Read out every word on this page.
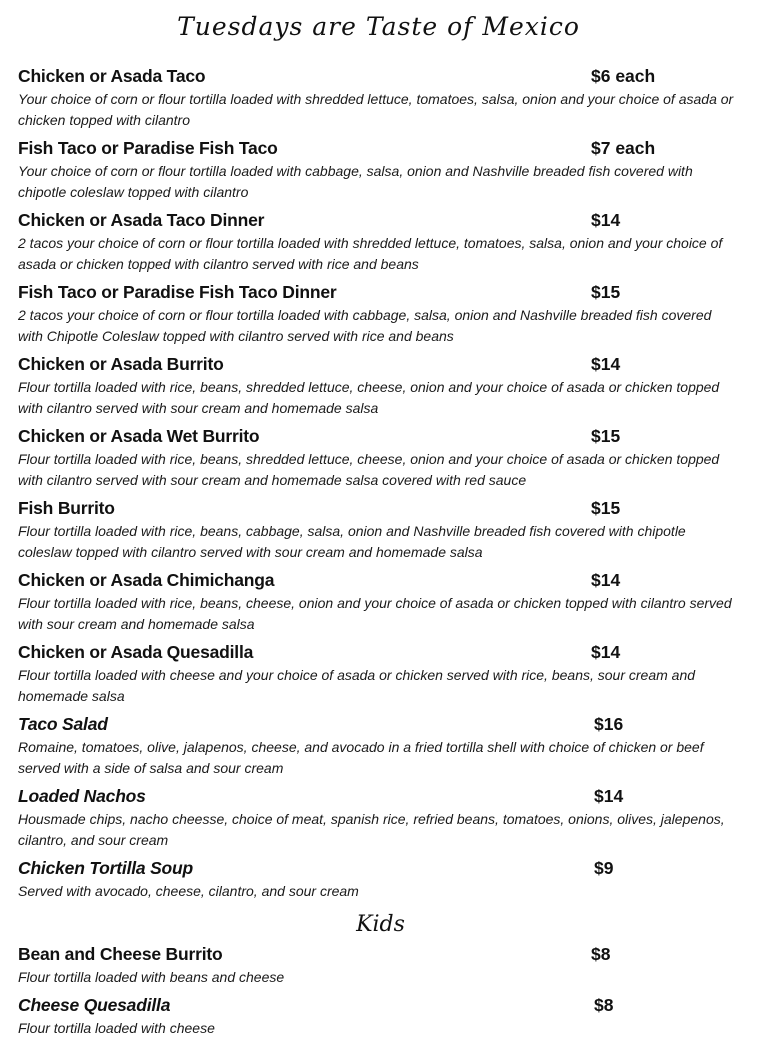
Tuesdays are Taste of Mexico
Chicken or Asada Taco	$6 each
Your choice of corn or flour tortilla loaded with shredded lettuce, tomatoes, salsa, onion and your choice of asada or chicken topped with cilantro
Fish Taco or Paradise Fish Taco	$7 each
Your choice of corn or flour tortilla loaded with cabbage, salsa, onion and Nashville breaded fish covered with chipotle coleslaw topped with cilantro
Chicken or Asada Taco Dinner	$14
2 tacos your choice of corn or flour tortilla loaded with shredded lettuce, tomatoes, salsa, onion and your choice of asada or chicken topped with cilantro served with rice and beans
Fish Taco or Paradise Fish Taco Dinner	$15
2 tacos your choice of corn or flour tortilla loaded with cabbage, salsa, onion and Nashville breaded fish covered with Chipotle Coleslaw topped with cilantro served with rice and beans
Chicken or Asada Burrito	$14
Flour tortilla loaded with rice, beans, shredded lettuce, cheese, onion and your choice of asada or chicken topped with cilantro served with sour cream and homemade salsa
Chicken or Asada Wet Burrito	$15
Flour tortilla loaded with rice, beans, shredded lettuce, cheese, onion and your choice of asada or chicken topped with cilantro served with sour cream and homemade salsa covered with red sauce
Fish Burrito	$15
Flour tortilla loaded with rice, beans, cabbage, salsa, onion and Nashville breaded fish covered with chipotle coleslaw topped with cilantro served with sour cream and homemade salsa
Chicken or Asada Chimichanga	$14
Flour tortilla loaded with rice, beans, cheese, onion and your choice of asada or chicken topped with cilantro served with sour cream and homemade salsa
Chicken or Asada Quesadilla	$14
Flour tortilla loaded with cheese and your choice of asada or chicken served with rice, beans, sour cream and homemade salsa
Taco Salad	$16
Romaine, tomatoes, olive, jalapenos, cheese, and avocado in a fried tortilla shell with choice of chicken or beef served with a side of salsa and sour cream
Loaded Nachos	$14
Housmade chips, nacho cheesse, choice of meat, spanish rice, refried beans, tomatoes, onions, olives, jalepenos, cilantro, and sour cream
Chicken Tortilla Soup	$9
Served with avocado, cheese, cilantro, and sour cream
Kids
Bean and Cheese Burrito	$8
Flour tortilla loaded with beans and cheese
Cheese Quesadilla	$8
Flour tortilla loaded with cheese
